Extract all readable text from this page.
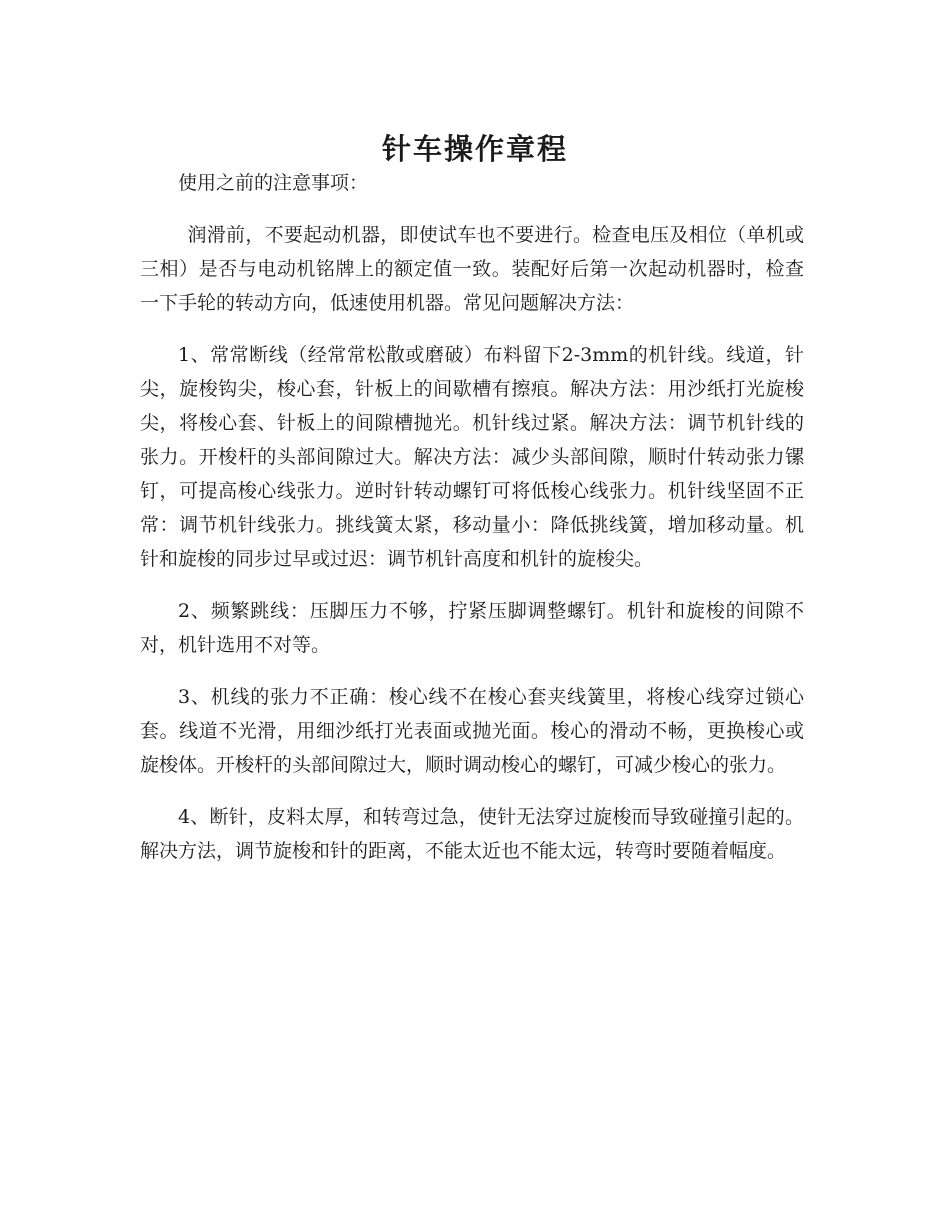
针车操作章程

使用之前的注意事项：

润滑前，不要起动机器，即使试车也不要进行。检查电压及相位（单机或三相）是否与电动机铭牌上的额定值一致。装配好后第一次起动机器时，检查一下手轮的转动方向，低速使用机器。常见问题解决方法：

1、常常断线（经常常松散或磨破）布料留下2-3mm的机针线。线道，针尖，旋梭钩尖，梭心套，针板上的间歇槽有擦痕。解决方法：用沙纸打光旋梭尖，将梭心套、针板上的间隙槽抛光。机针线过紧。解决方法：调节机针线的张力。开梭杆的头部间隙过大。解决方法：减少头部间隙，顺时什转动张力镙钉，可提高梭心线张力。逆时针转动螺钉可将低梭心线张力。机针线坚固不正常：调节机针线张力。挑线簧太紧，移动量小：降低挑线簧，增加移动量。机针和旋梭的同步过早或过迟：调节机针高度和机针的旋梭尖。

2、频繁跳线：压脚压力不够，拧紧压脚调整螺钉。机针和旋梭的间隙不对，机针选用不对等。

3、机线的张力不正确：梭心线不在梭心套夹线簧里，将梭心线穿过锁心套。线道不光滑，用细沙纸打光表面或抛光面。梭心的滑动不畅，更换梭心或旋梭体。开梭杆的头部间隙过大，顺时调动梭心的螺钉，可减少梭心的张力。

4、断针，皮料太厚，和转弯过急，使针无法穿过旋梭而导致碰撞引起的。解决方法，调节旋梭和针的距离，不能太近也不能太远，转弯时要随着幅度。
